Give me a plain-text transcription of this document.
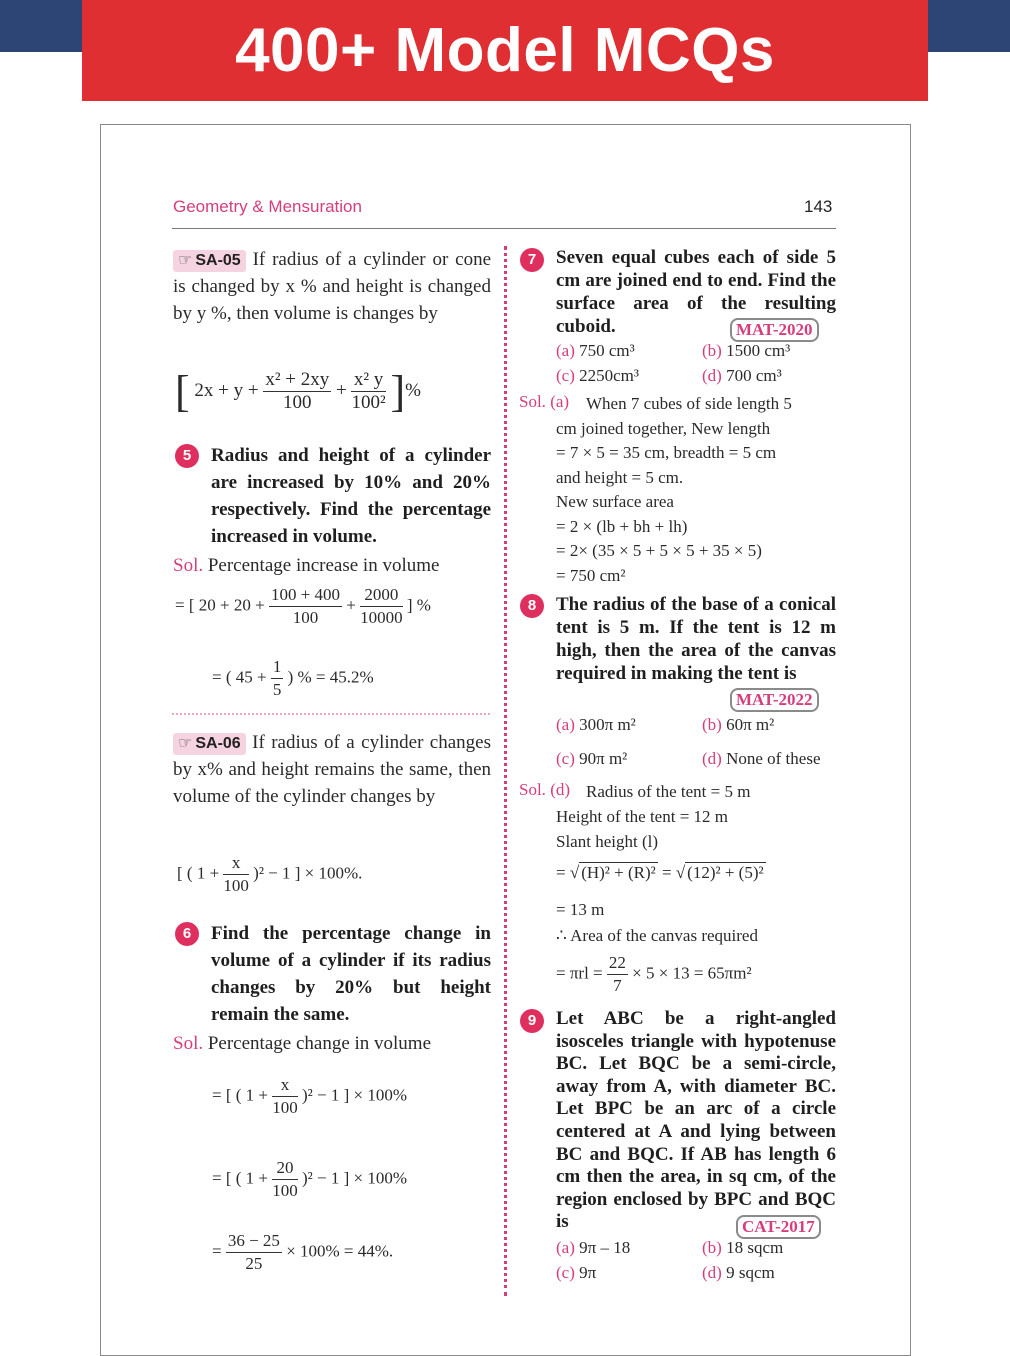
400+ Model MCQs
Geometry & Mensuration	143
☞ SA-05 If radius of a cylinder or cone is changed by x % and height is changed by y %, then volume is changes by
[ $2x + y + \frac{\text{x² + 2xy}}{100} + \frac{\text{x² y}}{\text{100²}}$ ]%
5	Radius and height of a cylinder are increased by 10% and 20% respectively. Find the percentage increased in volume.
Sol. Percentage increase in volume
= [ $20 + 20 + \frac{100 + 400}{100} + \frac{2000}{10000}$ ] %
= ( $45 + \frac{1}{5}$ ) % = 45.2%
☞ SA-06 If radius of a cylinder changes by x% and height remains the same, then volume of the cylinder changes by
[ ( $1 + \frac{x}{100} )^2 - 1$ ] × 100%.
6	Find the percentage change in volume of a cylinder if its radius changes by 20% but height remain the same.
Sol. Percentage change in volume
= [ ( $1 + \frac{x}{100} )^2 - 1$ ] × 100%
= [ ( $1 + \frac{20}{100} )^2 - 1$ ] × 100%
= $\frac{36 - 25}{25} \times 100\% = 44\%$.
7	Seven equal cubes each of side 5 cm are joined end to end. Find the surface area of the resulting cuboid.	MAT-2020
(a) 750 cm³	(b) 1500 cm³
(c) 2250cm³	(d) 700 cm³
Sol. (a) When 7 cubes of side length 5
cm joined together, New length
= 7 × 5 = 35 cm, breadth = 5 cm
and height = 5 cm.
New surface area
= 2 × (lb + bh + lh)
= 2× (35 × 5 + 5 × 5 + 35 × 5)
= 750 cm²
8	The radius of the base of a conical tent is 5 m. If the tent is 12 m high, then the area of the canvas required in making the tent is
MAT-2022
(a) 300π m²	(b) 60π m²
(c) 90π m²	(d) None of these
Sol. (d) Radius of the tent = 5 m
Height of the tent = 12 m
Slant height (l)
= √ (H)² + (R)² = √ (12)² + (5)²
= 13 m
∴ Area of the canvas required
= $\pi rl = \frac{22}{7} \times 5 \times 13 = 65\pi m^2$
9	Let ABC be a right-angled isosceles triangle with hypotenuse BC. Let BQC be a semi-circle, away from A, with diameter BC. Let BPC be an arc of a circle centered at A and lying between BC and BQC. If AB has length 6 cm then the area, in sq cm, of the region enclosed by BPC and BQC is	CAT-2017
(a) 9π – 18	(b) 18 sqcm
(c) 9π	(d) 9 sqcm
